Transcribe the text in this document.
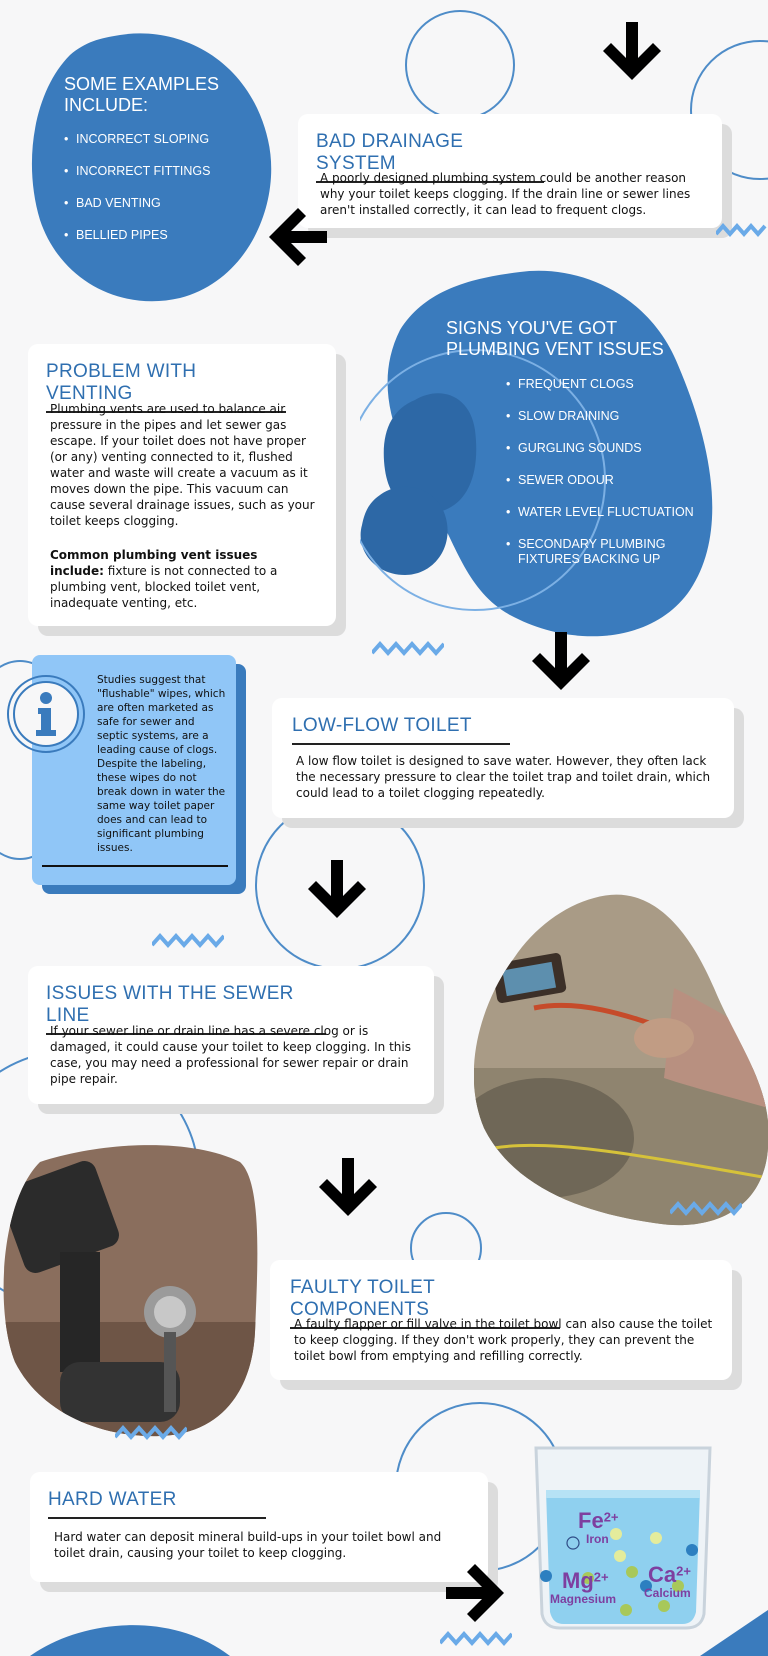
SOME EXAMPLES INCLUDE:
• INCORRECT SLOPING
• INCORRECT FITTINGS
• BAD VENTING
• BELLIED PIPES
BAD DRAINAGE SYSTEM

A poorly designed plumbing system could be another reason why your toilet keeps clogging. If the drain line or sewer lines aren't installed correctly, it can lead to frequent clogs.

SIGNS YOU'VE GOT PLUMBING VENT ISSUES
• FREQUENT CLOGS
• SLOW DRAINING
• GURGLING SOUNDS
• SEWER ODOUR
• WATER LEVEL FLUCTUATION
• SECONDARY PLUMBING FIXTURES BACKING UP
PROBLEM WITH VENTING

Plumbing vents are used to balance air pressure in the pipes and let sewer gas escape. If your toilet does not have proper (or any) venting connected to it, flushed water and waste will create a vacuum as it moves down the pipe. This vacuum can cause several drainage issues, such as your toilet keeps clogging.

Common plumbing vent issues include: fixture is not connected to a plumbing vent, blocked toilet vent, inadequate venting, etc.

Studies suggest that "flushable" wipes, which are often marketed as safe for sewer and septic systems, are a leading cause of clogs. Despite the labeling, these wipes do not break down in water the same way toilet paper does and can lead to significant plumbing issues.

LOW-FLOW TOILET

A low flow toilet is designed to save water. However, they often lack the necessary pressure to clear the toilet trap and toilet drain, which could lead to a toilet clogging repeatedly.

ISSUES WITH THE SEWER LINE

If your sewer line or drain line has a severe clog or is damaged, it could cause your toilet to keep clogging. In this case, you may need a professional for sewer repair or drain pipe repair.

FAULTY TOILET COMPONENTS

A faulty flapper or fill valve in the toilet bowl can also cause the toilet to keep clogging. If they don't work properly, they can prevent the toilet bowl from emptying and refilling correctly.

HARD WATER

Hard water can deposit mineral build-ups in your toilet bowl and toilet drain, causing your toilet to keep clogging.

$Fe^{2+}$
Iron
$Mg^{2+}$
Magnesium
$Ca^{2+}$
Calcium
